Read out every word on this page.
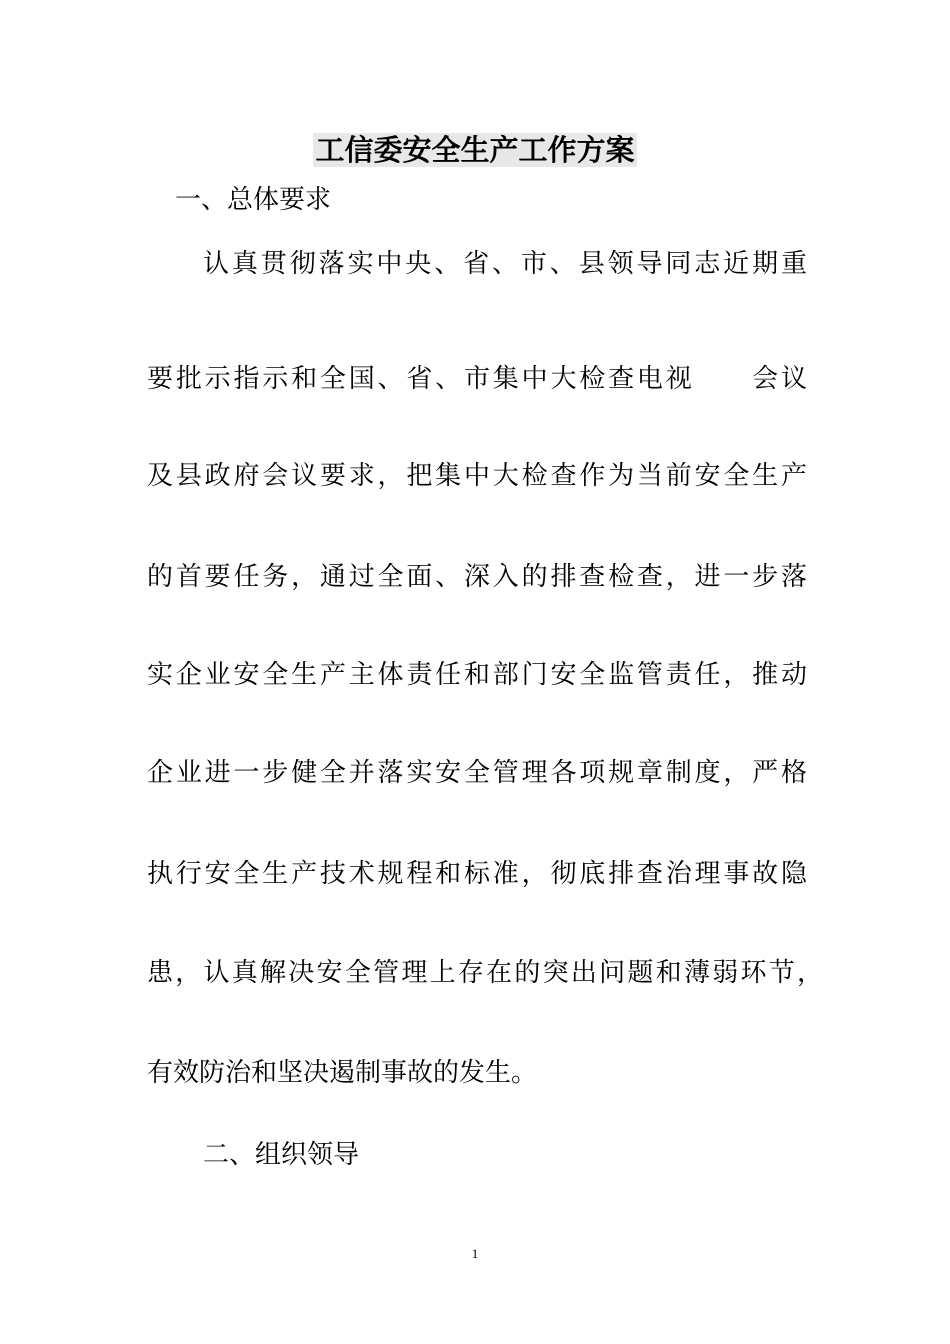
工信委安全生产工作方案
一、总体要求
认真贯彻落实中央、省、市、县领导同志近期重
要批示指示和全国、省、市集中大检查电视　　会议
及县政府会议要求，把集中大检查作为当前安全生产
的首要任务，通过全面、深入的排查检查，进一步落
实企业安全生产主体责任和部门安全监管责任，推动
企业进一步健全并落实安全管理各项规章制度，严格
执行安全生产技术规程和标准，彻底排查治理事故隐
患，认真解决安全管理上存在的突出问题和薄弱环节，
有效防治和坚决遏制事故的发生。
二、组织领导
1
